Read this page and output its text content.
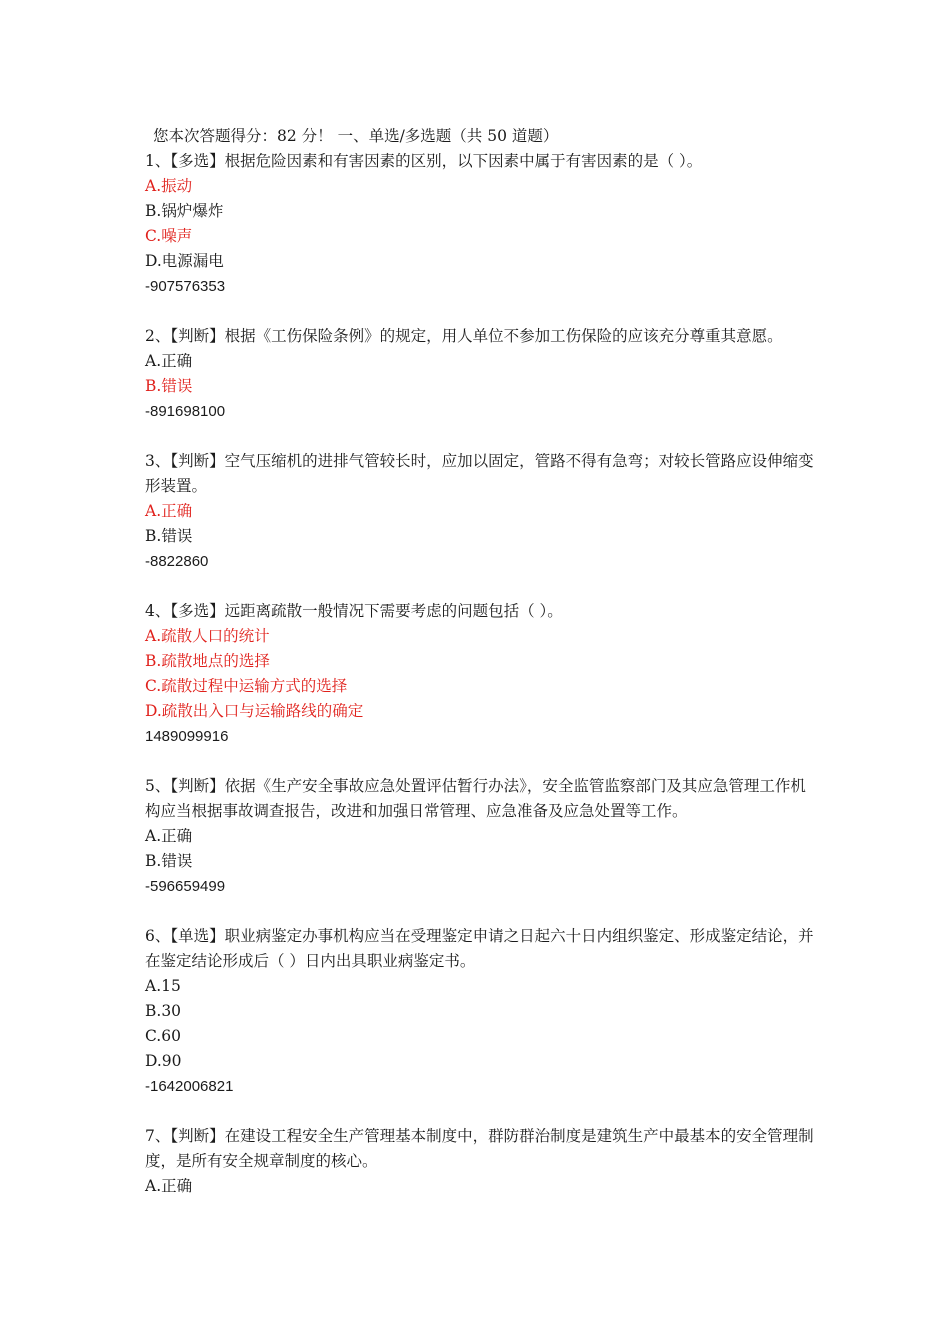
您本次答题得分：82 分！ 一、单选/多选题（共 50 道题）
1、【多选】根据危险因素和有害因素的区别，以下因素中属于有害因素的是（ ）。
A.振动
B.锅炉爆炸
C.噪声
D.电源漏电
-907576353
2、【判断】根据《工伤保险条例》的规定，用人单位不参加工伤保险的应该充分尊重其意愿。
A.正确
B.错误
-891698100
3、【判断】空气压缩机的进排气管较长时，应加以固定，管路不得有急弯；对较长管路应设伸缩变形装置。
A.正确
B.错误
-8822860
4、【多选】远距离疏散一般情况下需要考虑的问题包括（ ）。
A.疏散人口的统计
B.疏散地点的选择
C.疏散过程中运输方式的选择
D.疏散出入口与运输路线的确定
1489099916
5、【判断】依据《生产安全事故应急处置评估暂行办法》，安全监管监察部门及其应急管理工作机构应当根据事故调查报告，改进和加强日常管理、应急准备及应急处置等工作。
A.正确
B.错误
-596659499
6、【单选】职业病鉴定办事机构应当在受理鉴定申请之日起六十日内组织鉴定、形成鉴定结论，并在鉴定结论形成后（ ）日内出具职业病鉴定书。
A.15
B.30
C.60
D.90
-1642006821
7、【判断】在建设工程安全生产管理基本制度中，群防群治制度是建筑生产中最基本的安全管理制度，是所有安全规章制度的核心。
A.正确
